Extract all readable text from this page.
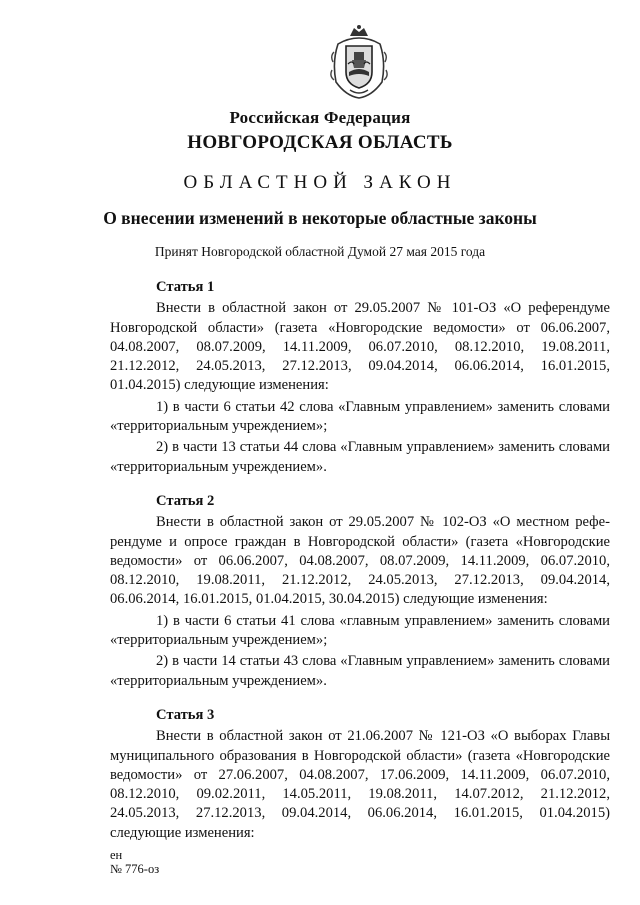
Российская Федерация
НОВГОРОДСКАЯ ОБЛАСТЬ
ОБЛАСТНОЙ ЗАКОН
О внесении изменений в некоторые областные законы
Принят Новгородской областной Думой 27 мая 2015 года
Статья 1

Внести в областной закон от 29.05.2007 № 101-ОЗ «О референдуме Новгородской области» (газета «Новгородские ведомости» от 06.06.2007, 04.08.2007, 08.07.2009, 14.11.2009, 06.07.2010, 08.12.2010, 19.08.2011, 21.12.2012, 24.05.2013, 27.12.2013, 09.04.2014, 06.06.2014, 16.01.2015, 01.04.2015) следующие изменения:

1) в части 6 статьи 42 слова «Главным управлением» заменить словами «территориальным учреждением»;

2) в части 13 статьи 44 слова «Главным управлением» заменить словами «территориальным учреждением».

Статья 2

Внести в областной закон от 29.05.2007 № 102-ОЗ «О местном референдуме и опросе граждан в Новгородской области» (газета «Новгородские ведомости» от 06.06.2007, 04.08.2007, 08.07.2009, 14.11.2009, 06.07.2010, 08.12.2010, 19.08.2011, 21.12.2012, 24.05.2013, 27.12.2013, 09.04.2014, 06.06.2014, 16.01.2015, 01.04.2015, 30.04.2015) следующие изменения:

1) в части 6 статьи 41 слова «главным управлением» заменить словами «территориальным учреждением»;

2) в части 14 статьи 43 слова «Главным управлением» заменить словами «территориальным учреждением».

Статья 3

Внести в областной закон от 21.06.2007 № 121-ОЗ «О выборах Главы муниципального образования в Новгородской области» (газета «Новгородские ведомости» от 27.06.2007, 04.08.2007, 17.06.2009, 14.11.2009, 06.07.2010, 08.12.2010, 09.02.2011, 14.05.2011, 19.08.2011, 14.07.2012, 21.12.2012, 24.05.2013, 27.12.2013, 09.04.2014, 06.06.2014, 16.01.2015, 01.04.2015) следующие изменения:

ен
№ 776-оз
